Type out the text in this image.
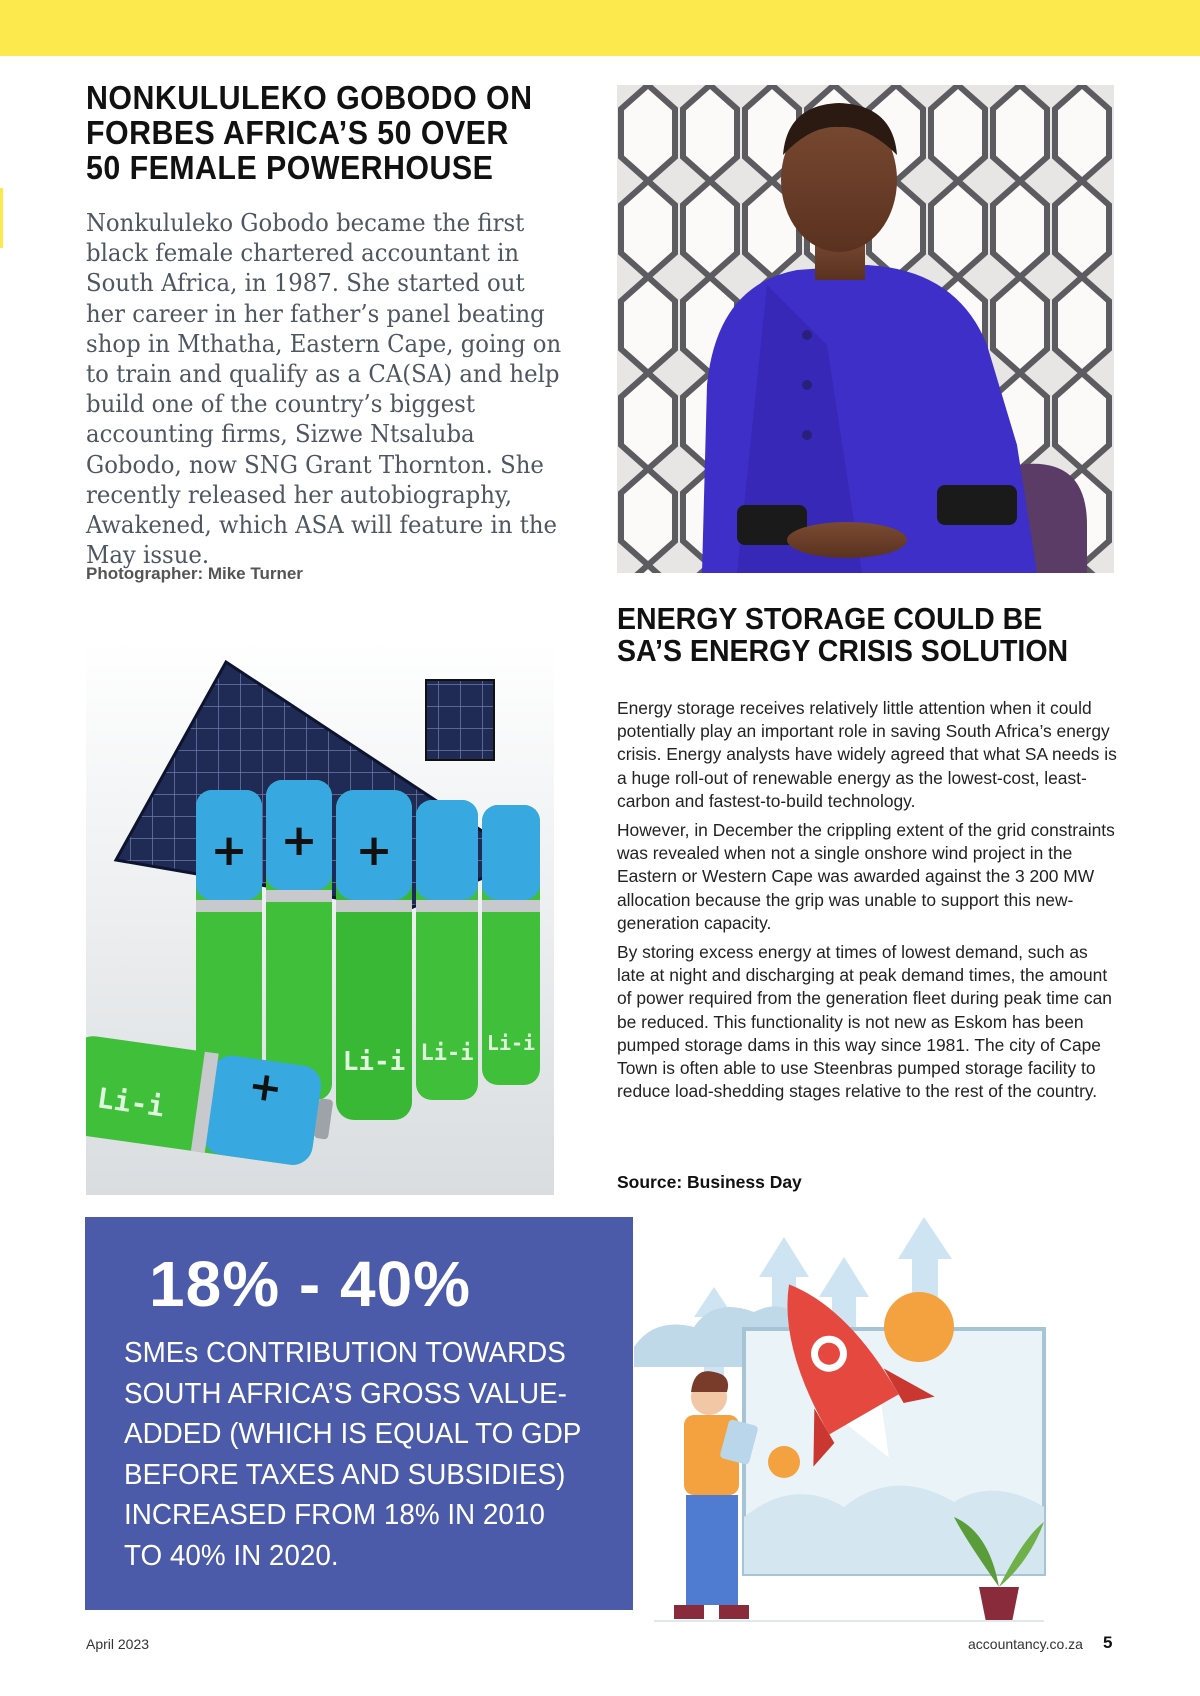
NONKULULEKO GOBODO ON FORBES AFRICA’S 50 OVER 50 FEMALE POWERHOUSE

Nonkululeko Gobodo became the first black female chartered accountant in South Africa, in 1987. She started out her career in her father’s panel beating shop in Mthatha, Eastern Cape, going on to train and qualify as a CA(SA) and help build one of the country’s biggest accounting firms, Sizwe Ntsaluba Gobodo, now SNG Grant Thornton. She recently released her autobiography, Awakened, which ASA will feature in the May issue.

Photographer: Mike Turner
+ + +
Li-i Li-i Li-i
+
Li-i
ENERGY STORAGE COULD BE SA’S ENERGY CRISIS SOLUTION

Energy storage receives relatively little attention when it could potentially play an important role in saving South Africa’s energy crisis. Energy analysts have widely agreed that what SA needs is a huge roll-out of renewable energy as the lowest-cost, least-carbon and fastest-to-build technology.

However, in December the crippling extent of the grid constraints was revealed when not a single onshore wind project in the Eastern or Western Cape was awarded against the 3 200 MW allocation because the grip was unable to support this new-generation capacity.

By storing excess energy at times of lowest demand, such as late at night and discharging at peak demand times, the amount of power required from the generation fleet during peak time can be reduced. This functionality is not new as Eskom has been pumped storage dams in this way since 1981. The city of Cape Town is often able to use Steenbras pumped storage facility to reduce load-shedding stages relative to the rest of the country.

Source: Business Day
18% - 40%
SMEs CONTRIBUTION TOWARDS SOUTH AFRICA’S GROSS VALUE-ADDED (WHICH IS EQUAL TO GDP BEFORE TAXES AND SUBSIDIES) INCREASED FROM 18% IN 2010 TO 40% IN 2020.
April 2023	accountancy.co.za 5
